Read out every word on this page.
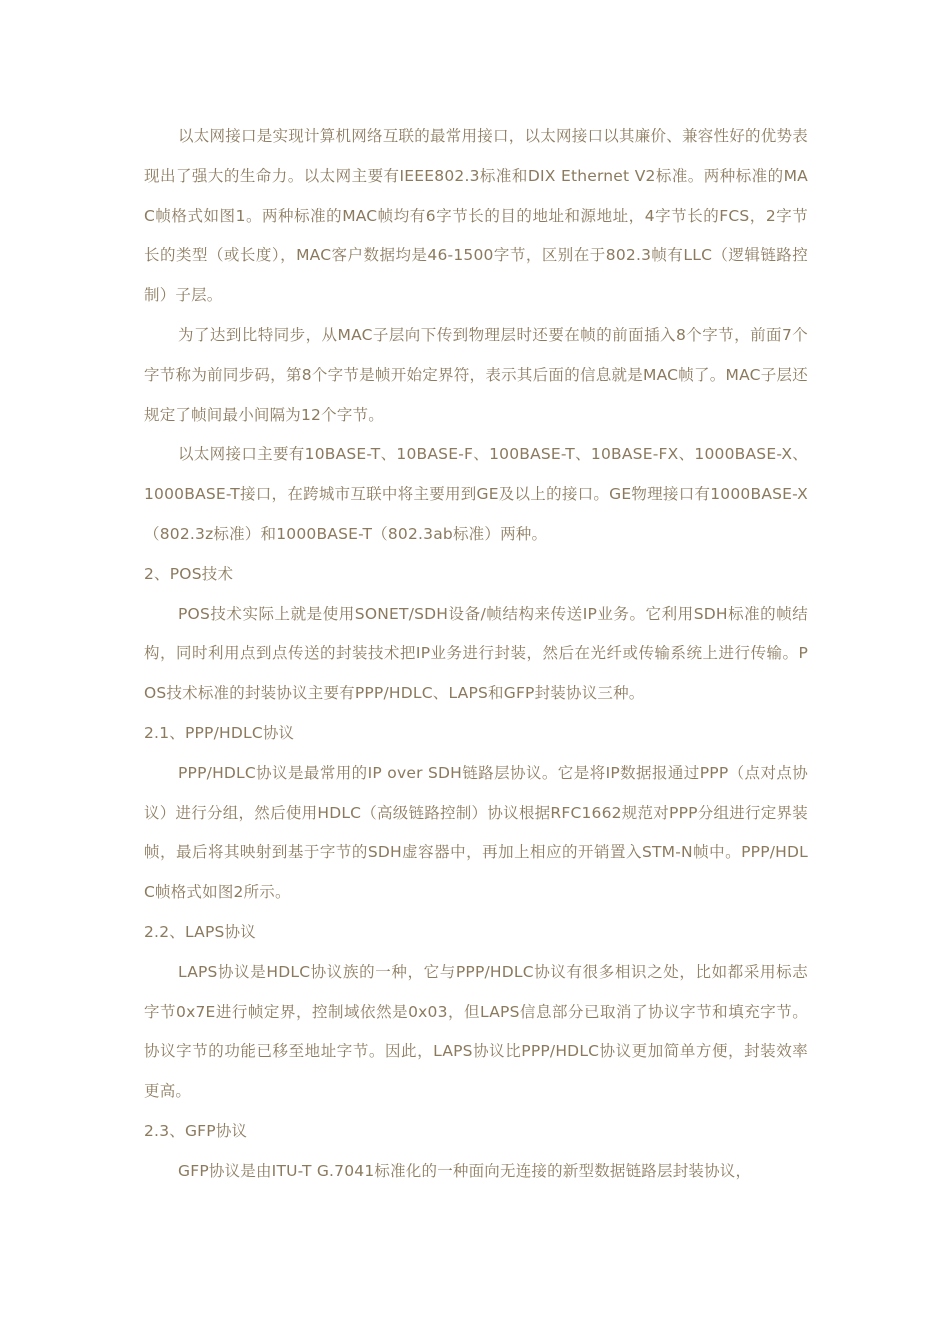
以太网接口是实现计算机网络互联的最常用接口，以太网接口以其廉价、兼容性好的优势表现出了强大的生命力。以太网主要有IEEE802.3标准和DIX Ethernet V2标准。两种标准的MAC帧格式如图1。两种标准的MAC帧均有6字节长的目的地址和源地址，4字节长的FCS，2字节长的类型（或长度），MAC客户数据均是46-1500字节，区别在于802.3帧有LLC（逻辑链路控制）子层。

为了达到比特同步，从MAC子层向下传到物理层时还要在帧的前面插入8个字节，前面7个字节称为前同步码，第8个字节是帧开始定界符，表示其后面的信息就是MAC帧了。MAC子层还规定了帧间最小间隔为12个字节。

以太网接口主要有10BASE-T、10BASE-F、100BASE-T、10BASE-FX、1000BASE-X、1000BASE-T接口，在跨城市互联中将主要用到GE及以上的接口。GE物理接口有1000BASE-X（802.3z标准）和1000BASE-T（802.3ab标准）两种。

2、POS技术

POS技术实际上就是使用SONET/SDH设备/帧结构来传送IP业务。它利用SDH标准的帧结构，同时利用点到点传送的封装技术把IP业务进行封装，然后在光纤或传输系统上进行传输。POS技术标准的封装协议主要有PPP/HDLC、LAPS和GFP封装协议三种。

2.1、PPP/HDLC协议

PPP/HDLC协议是最常用的IP over SDH链路层协议。它是将IP数据报通过PPP（点对点协议）进行分组，然后使用HDLC（高级链路控制）协议根据RFC1662规范对PPP分组进行定界装帧，最后将其映射到基于字节的SDH虚容器中，再加上相应的开销置入STM-N帧中。PPP/HDLC帧格式如图2所示。

2.2、LAPS协议

LAPS协议是HDLC协议族的一种，它与PPP/HDLC协议有很多相识之处，比如都采用标志字节0x7E进行帧定界，控制域依然是0x03，但LAPS信息部分已取消了协议字节和填充字节。协议字节的功能已移至地址字节。因此，LAPS协议比PPP/HDLC协议更加简单方便，封装效率更高。

2.3、GFP协议

GFP协议是由ITU-T G.7041标准化的一种面向无连接的新型数据链路层封装协议，
